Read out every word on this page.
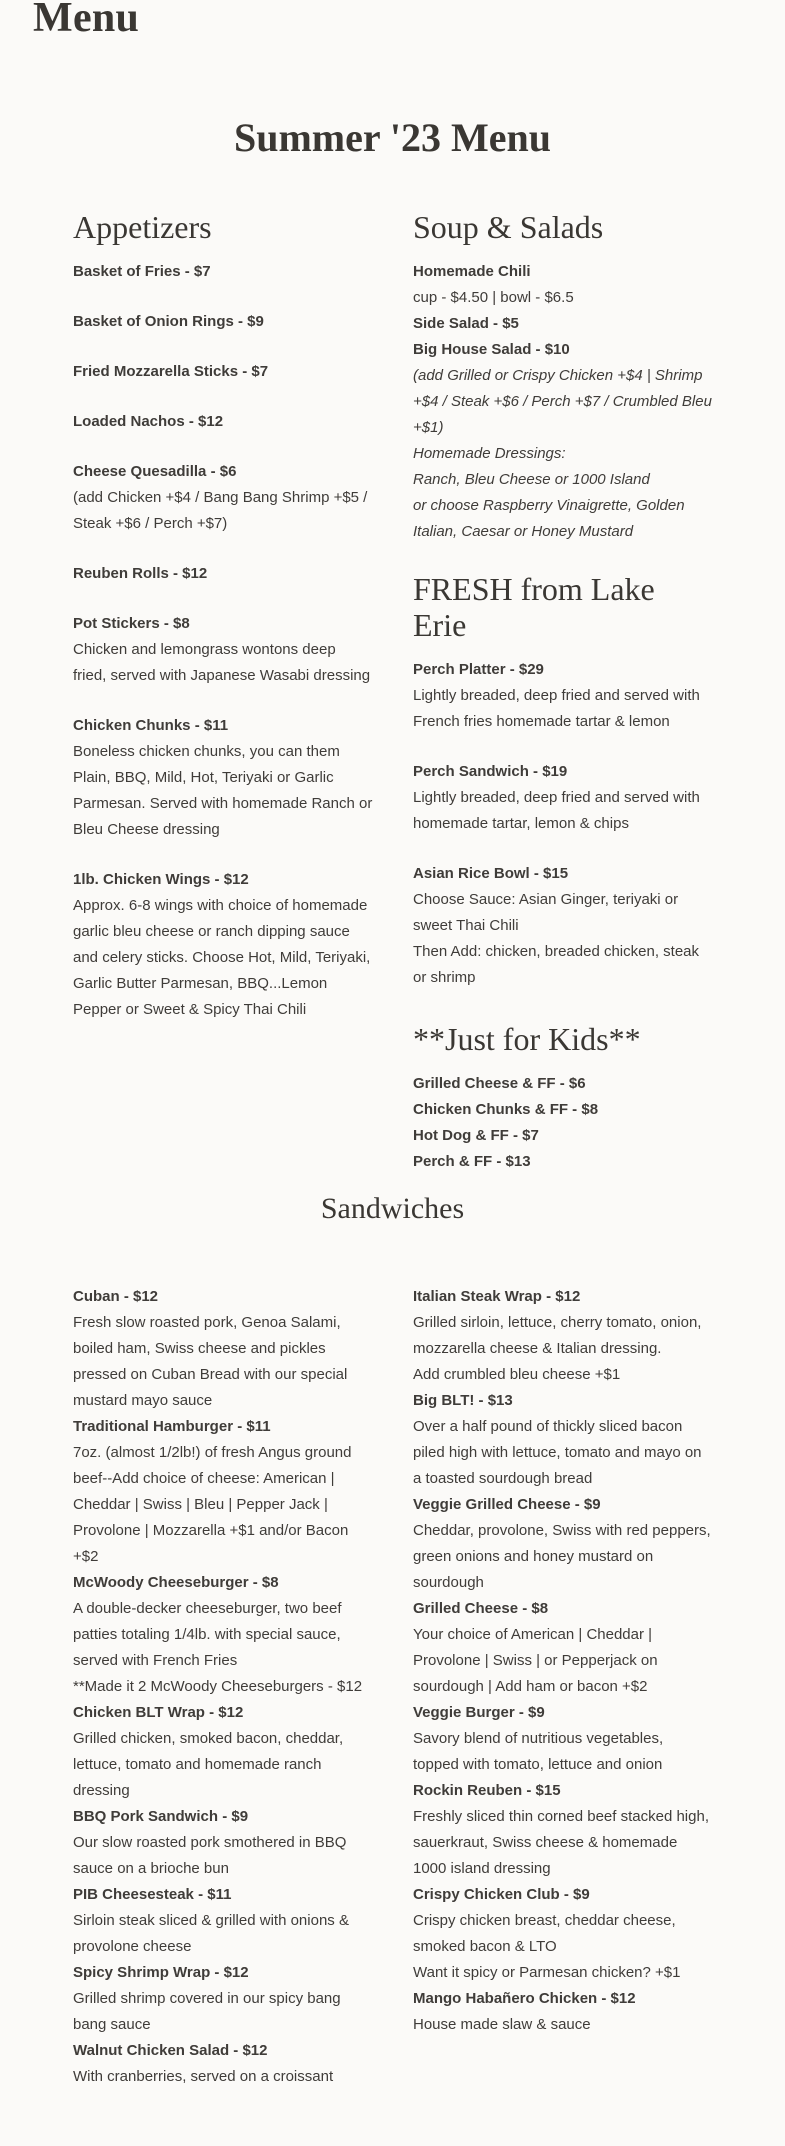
Menu
Summer '23 Menu
Appetizers
Basket of Fries - $7
Basket of Onion Rings - $9
Fried Mozzarella Sticks - $7
Loaded Nachos - $12
Cheese Quesadilla - $6
(add Chicken +$4 / Bang Bang Shrimp +$5 / Steak +$6 / Perch +$7)
Reuben Rolls - $12
Pot Stickers - $8
Chicken and lemongrass wontons deep fried, served with Japanese Wasabi dressing
Chicken Chunks - $11
Boneless chicken chunks, you can them Plain, BBQ, Mild, Hot, Teriyaki or Garlic Parmesan. Served with homemade Ranch or Bleu Cheese dressing
1lb. Chicken Wings - $12
Approx. 6-8 wings with choice of homemade garlic bleu cheese or ranch dipping sauce and celery sticks. Choose Hot, Mild, Teriyaki, Garlic Butter Parmesan, BBQ...Lemon Pepper or Sweet & Spicy Thai Chili
Soup & Salads
Homemade Chili
cup - $4.50 | bowl - $6.5
Side Salad - $5
Big House Salad - $10
(add Grilled or Crispy Chicken +$4 | Shrimp +$4 / Steak +$6 / Perch +$7 / Crumbled Bleu +$1)
Homemade Dressings:
Ranch, Bleu Cheese or 1000 Island
or choose Raspberry Vinaigrette, Golden Italian, Caesar or Honey Mustard
FRESH from Lake Erie
Perch Platter - $29
Lightly breaded, deep fried and served with French fries homemade tartar & lemon
Perch Sandwich - $19
Lightly breaded, deep fried and served with homemade tartar, lemon & chips
Asian Rice Bowl - $15
Choose Sauce: Asian Ginger, teriyaki or sweet Thai Chili
Then Add: chicken, breaded chicken, steak or shrimp
**Just for Kids**
Grilled Cheese & FF - $6
Chicken Chunks & FF - $8
Hot Dog & FF - $7
Perch & FF - $13
Sandwiches
Cuban - $12
Fresh slow roasted pork, Genoa Salami, boiled ham, Swiss cheese and pickles pressed on Cuban Bread with our special mustard mayo sauce
Traditional Hamburger - $11
7oz. (almost 1/2lb!) of fresh Angus ground beef--Add choice of cheese: American | Cheddar | Swiss | Bleu | Pepper Jack | Provolone | Mozzarella +$1 and/or Bacon +$2
McWoody Cheeseburger - $8
A double-decker cheeseburger, two beef patties totaling 1/4lb. with special sauce, served with French Fries
**Made it 2 McWoody Cheeseburgers - $12
Chicken BLT Wrap - $12
Grilled chicken, smoked bacon, cheddar, lettuce, tomato and homemade ranch dressing
BBQ Pork Sandwich - $9
Our slow roasted pork smothered in BBQ sauce on a brioche bun
PIB Cheesesteak - $11
Sirloin steak sliced & grilled with onions & provolone cheese
Spicy Shrimp Wrap - $12
Grilled shrimp covered in our spicy bang bang sauce
Walnut Chicken Salad - $12
With cranberries, served on a croissant
Italian Steak Wrap - $12
Grilled sirloin, lettuce, cherry tomato, onion, mozzarella cheese & Italian dressing.
Add crumbled bleu cheese +$1
Big BLT! - $13
Over a half pound of thickly sliced bacon piled high with lettuce, tomato and mayo on a toasted sourdough bread
Veggie Grilled Cheese - $9
Cheddar, provolone, Swiss with red peppers, green onions and honey mustard on sourdough
Grilled Cheese - $8
Your choice of American | Cheddar | Provolone | Swiss | or Pepperjack on sourdough | Add ham or bacon +$2
Veggie Burger - $9
Savory blend of nutritious vegetables, topped with tomato, lettuce and onion
Rockin Reuben - $15
Freshly sliced thin corned beef stacked high, sauerkraut, Swiss cheese & homemade 1000 island dressing
Crispy Chicken Club - $9
Crispy chicken breast, cheddar cheese, smoked bacon & LTO
Want it spicy or Parmesan chicken? +$1
Mango Habañero Chicken - $12
House made slaw & sauce
